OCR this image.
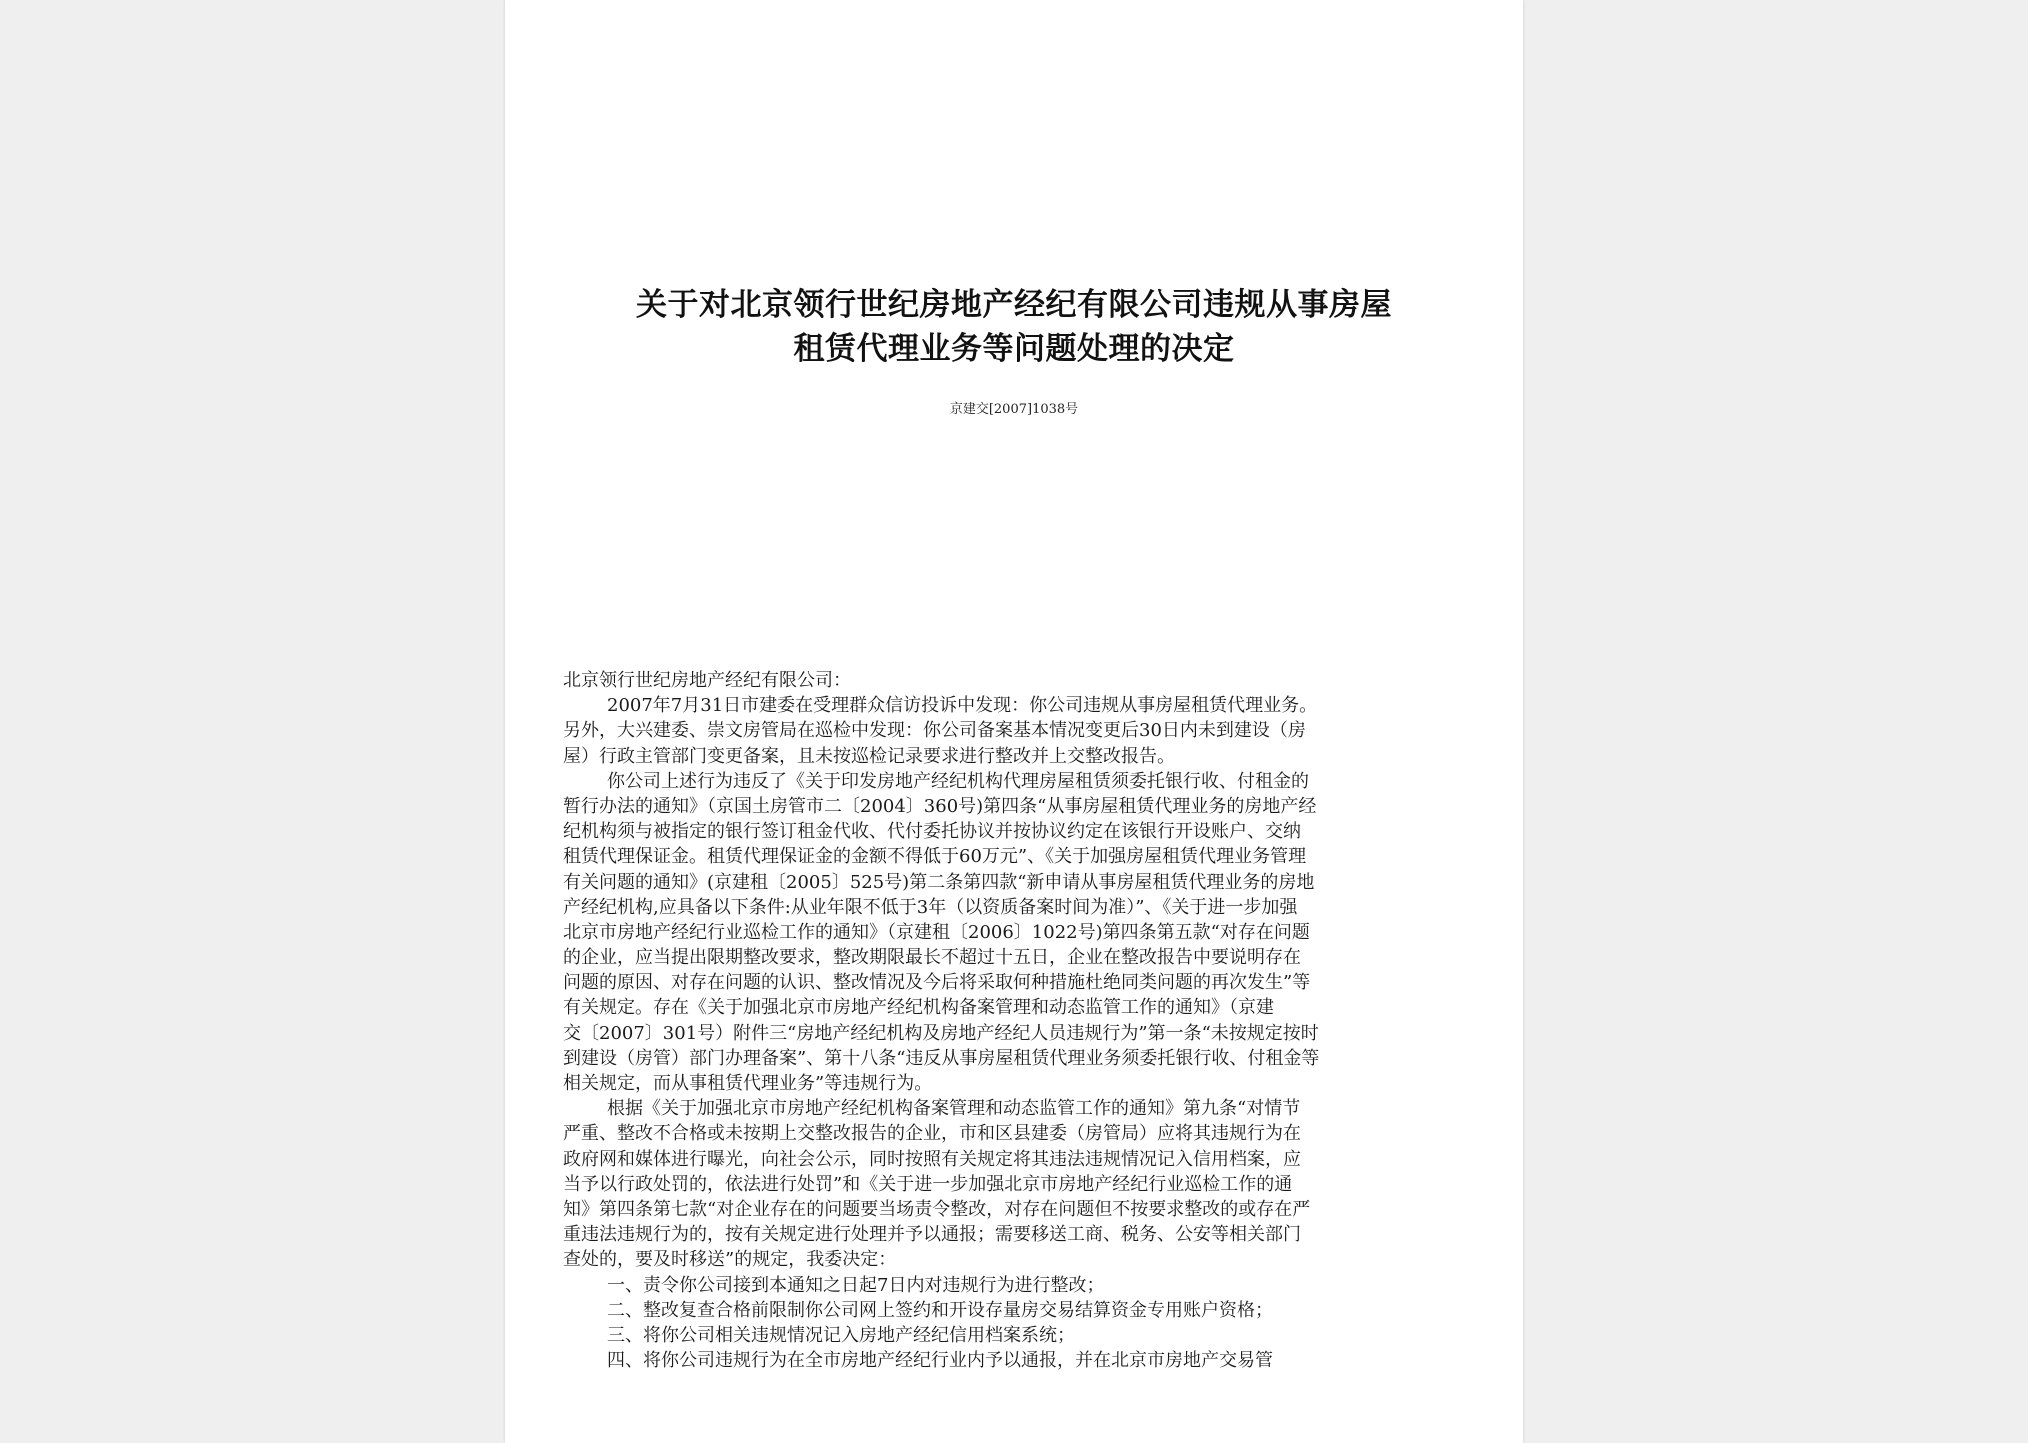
关于对北京领行世纪房地产经纪有限公司违规从事房屋
租赁代理业务等问题处理的决定
京建交[2007]1038号
北京领行世纪房地产经纪有限公司：
2007年7月31日市建委在受理群众信访投诉中发现：你公司违规从事房屋租赁代理业务。
另外，大兴建委、崇文房管局在巡检中发现：你公司备案基本情况变更后30日内未到建设（房
屋）行政主管部门变更备案，且未按巡检记录要求进行整改并上交整改报告。
你公司上述行为违反了《关于印发房地产经纪机构代理房屋租赁须委托银行收、付租金的
暂行办法的通知》（京国土房管市二〔2004〕360号)第四条“从事房屋租赁代理业务的房地产经
纪机构须与被指定的银行签订租金代收、代付委托协议并按协议约定在该银行开设账户、交纳
租赁代理保证金。租赁代理保证金的金额不得低于60万元”、《关于加强房屋租赁代理业务管理
有关问题的通知》(京建租〔2005〕525号)第二条第四款“新申请从事房屋租赁代理业务的房地
产经纪机构,应具备以下条件:从业年限不低于3年（以资质备案时间为准）”、《关于进一步加强
北京市房地产经纪行业巡检工作的通知》（京建租〔2006〕1022号)第四条第五款“对存在问题
的企业，应当提出限期整改要求，整改期限最长不超过十五日，企业在整改报告中要说明存在
问题的原因、对存在问题的认识、整改情况及今后将采取何种措施杜绝同类问题的再次发生”等
有关规定。存在《关于加强北京市房地产经纪机构备案管理和动态监管工作的通知》（京建
交〔2007〕301号）附件三“房地产经纪机构及房地产经纪人员违规行为”第一条“未按规定按时
到建设（房管）部门办理备案”、第十八条“违反从事房屋租赁代理业务须委托银行收、付租金等
相关规定，而从事租赁代理业务”等违规行为。
根据《关于加强北京市房地产经纪机构备案管理和动态监管工作的通知》第九条“对情节
严重、整改不合格或未按期上交整改报告的企业，市和区县建委（房管局）应将其违规行为在
政府网和媒体进行曝光，向社会公示，同时按照有关规定将其违法违规情况记入信用档案，应
当予以行政处罚的，依法进行处罚”和《关于进一步加强北京市房地产经纪行业巡检工作的通
知》第四条第七款“对企业存在的问题要当场责令整改，对存在问题但不按要求整改的或存在严
重违法违规行为的，按有关规定进行处理并予以通报；需要移送工商、税务、公安等相关部门
查处的，要及时移送”的规定，我委决定：
一、责令你公司接到本通知之日起7日内对违规行为进行整改；
二、整改复查合格前限制你公司网上签约和开设存量房交易结算资金专用账户资格；
三、将你公司相关违规情况记入房地产经纪信用档案系统；
四、将你公司违规行为在全市房地产经纪行业内予以通报，并在北京市房地产交易管
